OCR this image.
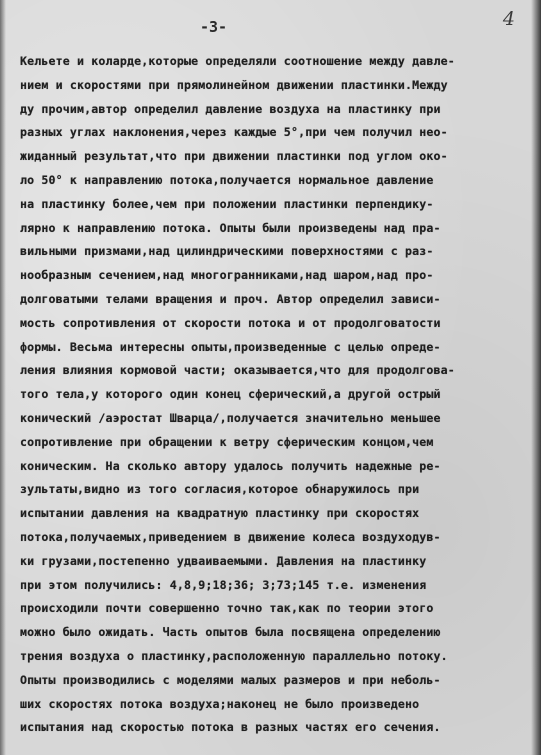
-3-	4
Кельете и коларде,которые определяли соотношение между давле-
нием и скоростями при прямолинейном движении пластинки.Между
ду прочим,автор определил давление воздуха на пластинку при
разных углах наклонения,через каждые 5°,при чем получил нео-
жиданный результат,что при движении пластинки под углом око-
ло 50° к направлению потока,получается нормальное давление
на пластинку более,чем при положении пластинки перпендику-
лярно к направлению потока. Опыты были произведены над пра-
вильными призмами,над цилиндрическими поверхностями с раз-
нообразным сечением,над многогранниками,над шаром,над про-
долговатыми телами вращения и проч. Автор определил зависи-
мость сопротивления от скорости потока и от продолговатости
формы. Весьма интересны опыты,произведенные с целью опреде-
ления влияния кормовой части; оказывается,что для продолгова-
того тела,у которого один конец сферический,а другой острый
конический /аэростат Шварца/,получается значительно меньшее
сопротивление при обращении к ветру сферическим концом,чем
коническим. На сколько автору удалось получить надежные ре-
зультаты,видно из того согласия,которое обнаружилось при
испытании давления на квадратную пластинку при скоростях
потока,получаемых,приведением в движение колеса воздуходув-
ки грузами,постепенно удваиваемыми. Давления на пластинку
при этом получились: 4,8,9;18;36; 3;73;145 т.е. изменения
происходили почти совершенно точно так,как по теории этого
можно было ожидать. Часть опытов была посвящена определению
трения воздуха о пластинку,расположенную параллельно потоку.
Опыты производились с моделями малых размеров и при неболь-
ших скоростях потока воздуха;наконец не было произведено
испытания над скоростью потока в разных частях его сечения.
